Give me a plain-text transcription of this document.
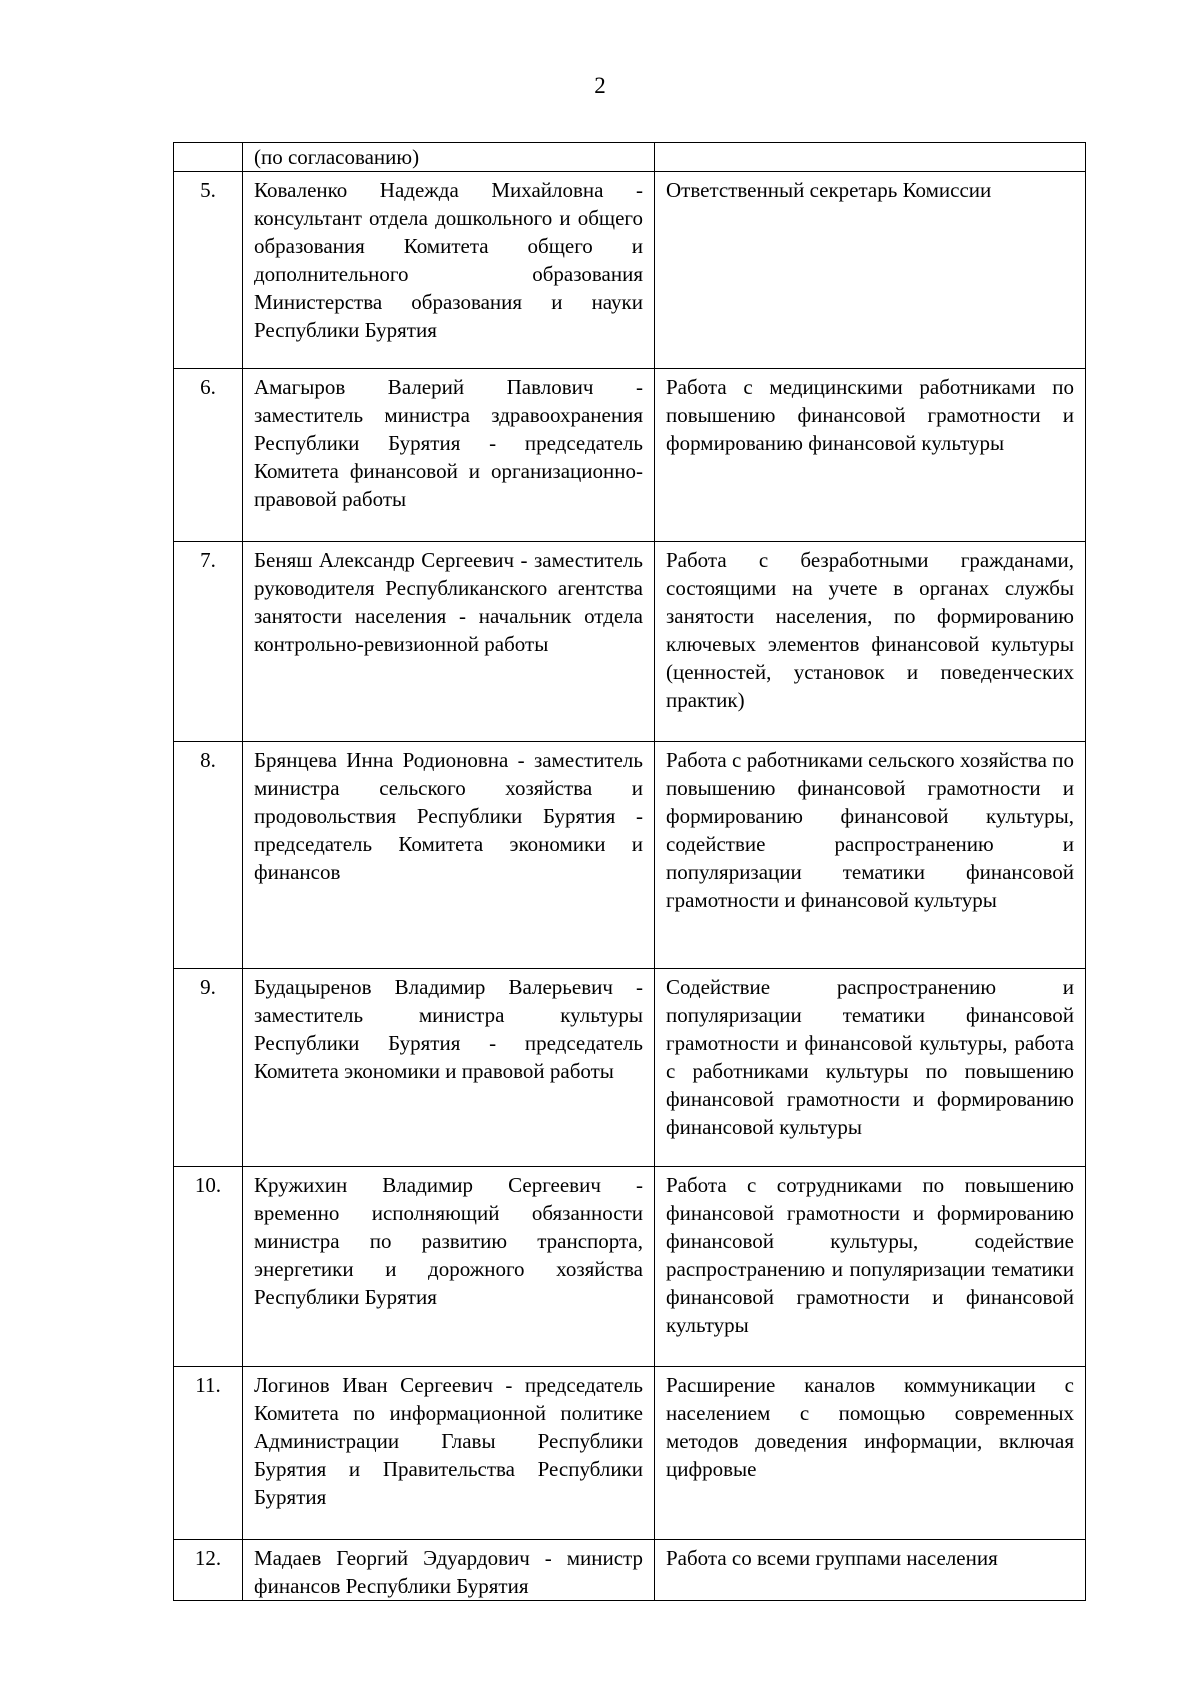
2
	(по согласованию)	
5.	Коваленко Надежда Михайловна - консультант отдела дошкольного и общего образования Комитета общего и дополнительного образования Министерства образования и науки Республики Бурятия	Ответственный секретарь Комиссии
6.	Амагыров Валерий Павлович - заместитель министра здравоохранения Республики Бурятия - председатель Комитета финансовой и организационно-правовой работы	Работа с медицинскими работниками по повышению финансовой грамотности и формированию финансовой культуры
7.	Беняш Александр Сергеевич - заместитель руководителя Республиканского агентства занятости населения - начальник отдела контрольно-ревизионной работы	Работа с безработными гражданами, состоящими на учете в органах службы занятости населения, по формированию ключевых элементов финансовой культуры (ценностей, установок и поведенческих практик)
8.	Брянцева Инна Родионовна - заместитель министра сельского хозяйства и продовольствия Республики Бурятия - председатель Комитета экономики и финансов	Работа с работниками сельского хозяйства по повышению финансовой грамотности и формированию финансовой культуры, содействие распространению и популяризации тематики финансовой грамотности и финансовой культуры
9.	Будацыренов Владимир Валерьевич - заместитель министра культуры Республики Бурятия - председатель Комитета экономики и правовой работы	Содействие распространению и популяризации тематики финансовой грамотности и финансовой культуры, работа с работниками культуры по повышению финансовой грамотности и формированию финансовой культуры
10.	Кружихин Владимир Сергеевич - временно исполняющий обязанности министра по развитию транспорта, энергетики и дорожного хозяйства Республики Бурятия	Работа с сотрудниками по повышению финансовой грамотности и формированию финансовой культуры, содействие распространению и популяризации тематики финансовой грамотности и финансовой культуры
11.	Логинов Иван Сергеевич - председатель Комитета по информационной политике Администрации Главы Республики Бурятия и Правительства Республики Бурятия	Расширение каналов коммуникации с населением с помощью современных методов доведения информации, включая цифровые
12.	Мадаев Георгий Эдуардович - министр финансов Республики Бурятия	Работа со всеми группами населения
